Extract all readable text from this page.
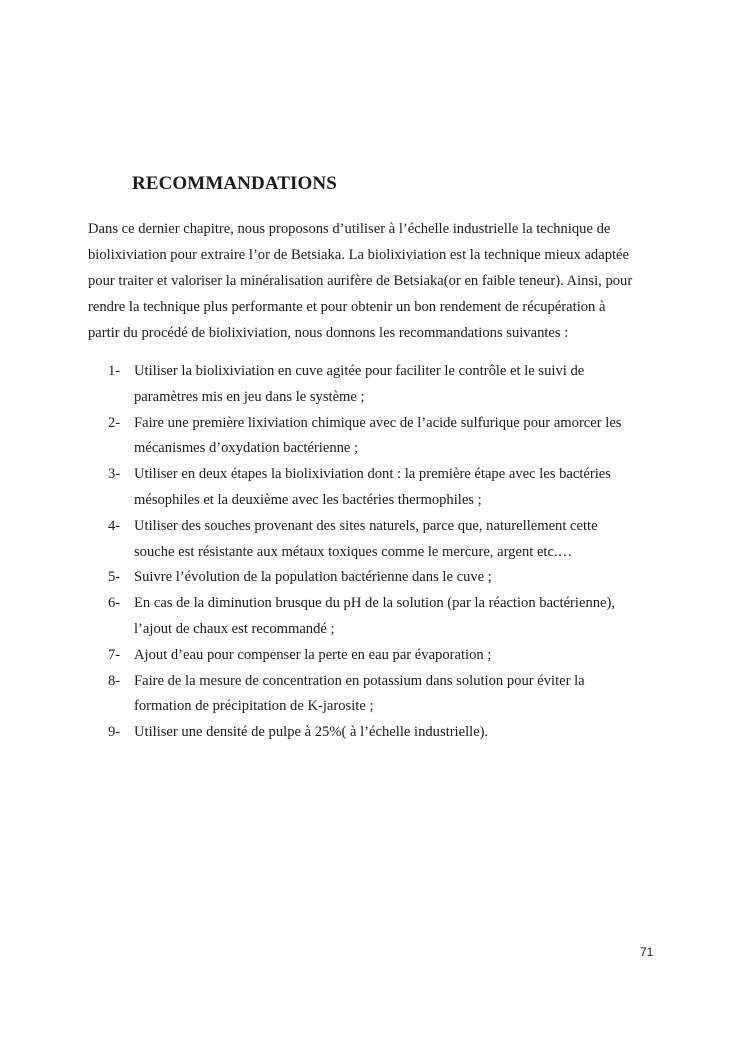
RECOMMANDATIONS

Dans ce dernier chapitre, nous proposons d’utiliser à l’échelle industrielle la technique de
biolixiviation pour extraire l’or de Betsiaka. La biolixiviation est la technique mieux adaptée
pour traiter et valoriser la minéralisation aurifère de Betsiaka(or en faible teneur). Ainsi, pour
rendre la technique plus performante et pour obtenir un bon rendement de récupération à
partir du procédé de biolixiviation, nous donnons les recommandations suivantes :

1- Utiliser la biolixiviation en cuve agitée pour faciliter le contrôle et le suivi de
paramètres mis en jeu dans le système ;
2- Faire une première lixiviation chimique avec de l’acide sulfurique pour amorcer les
mécanismes d’oxydation bactérienne ;
3- Utiliser en deux étapes la biolixiviation dont : la première étape avec les bactéries
mésophiles et la deuxième avec les bactéries thermophiles ;
4- Utiliser des souches provenant des sites naturels, parce que, naturellement cette
souche est résistante aux métaux toxiques comme le mercure, argent etc.…
5- Suivre l’évolution de la population bactérienne dans le cuve ;
6- En cas de la diminution brusque du pH de la solution (par la réaction bactérienne),
l’ajout de chaux est recommandé ;
7- Ajout d’eau pour compenser la perte en eau par évaporation ;
8- Faire de la mesure de concentration en potassium dans solution pour éviter la
formation de précipitation de K-jarosite ;
9- Utiliser une densité de pulpe à 25%( à l’échelle industrielle).

71
